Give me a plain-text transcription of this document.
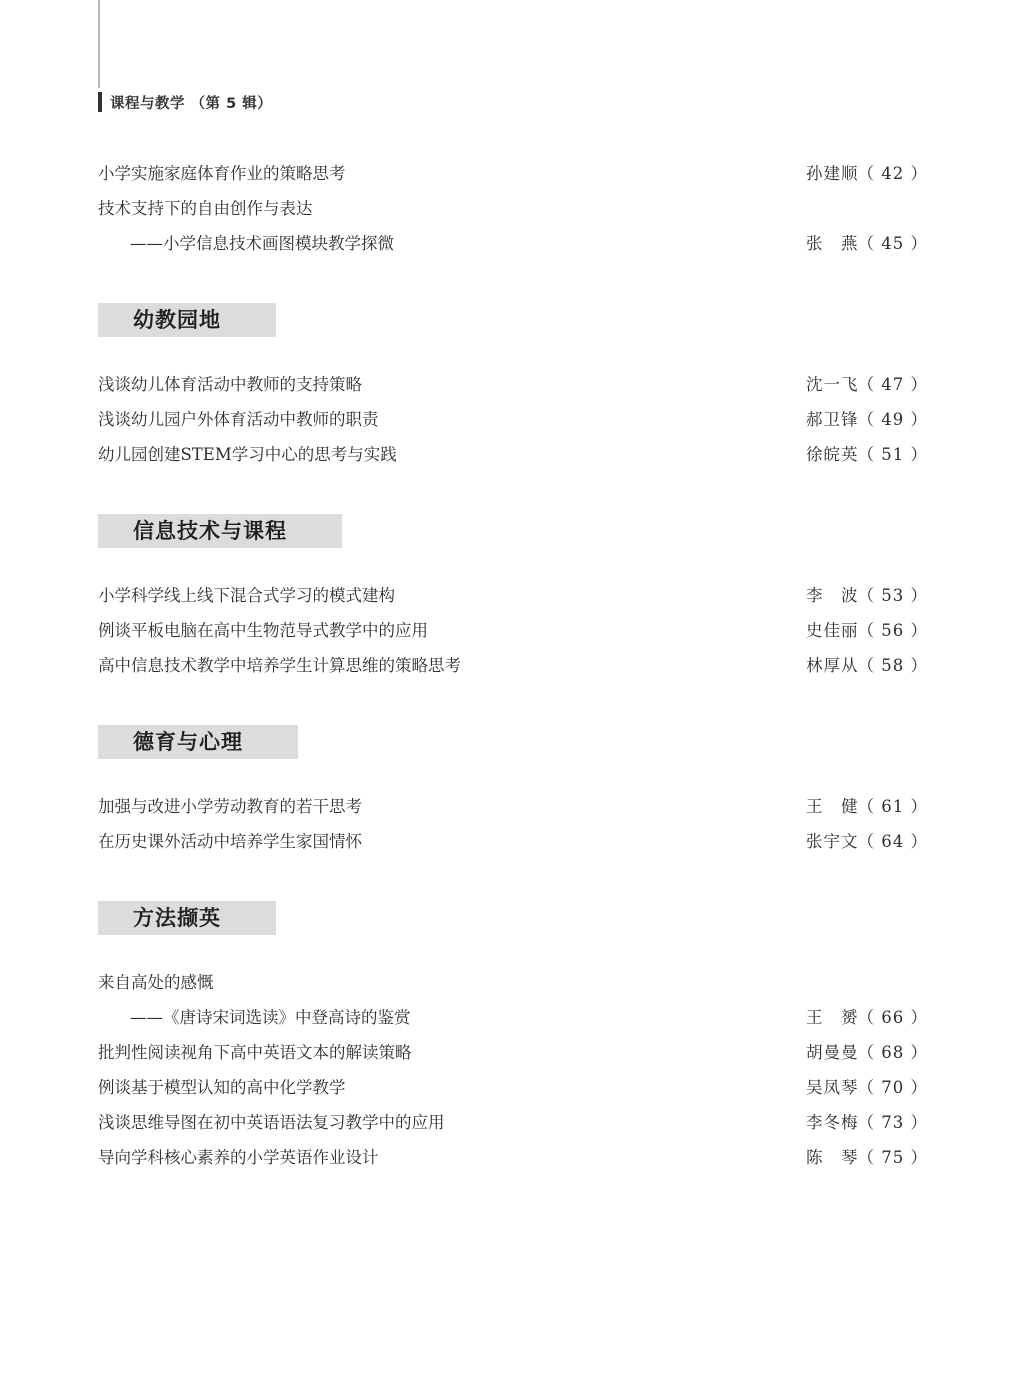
课程与教学 （第 5 辑）
小学实施家庭体育作业的策略思考	孙建顺 （ 42 ）
技术支持下的自由创作与表达
——小学信息技术画图模块教学探微	张　燕 （ 45 ）
幼教园地
浅谈幼儿体育活动中教师的支持策略	沈一飞 （ 47 ）
浅谈幼儿园户外体育活动中教师的职责	郝卫锋 （ 49 ）
幼儿园创建STEM学习中心的思考与实践	徐皖英 （ 51 ）
信息技术与课程
小学科学线上线下混合式学习的模式建构	李　波 （ 53 ）
例谈平板电脑在高中生物范导式教学中的应用	史佳丽 （ 56 ）
高中信息技术教学中培养学生计算思维的策略思考	林厚从 （ 58 ）
德育与心理
加强与改进小学劳动教育的若干思考	王　健 （ 61 ）
在历史课外活动中培养学生家国情怀	张宇文 （ 64 ）
方法撷英
来自高处的感慨
——《唐诗宋词选读》中登高诗的鉴赏	王　赟 （ 66 ）
批判性阅读视角下高中英语文本的解读策略	胡曼曼 （ 68 ）
例谈基于模型认知的高中化学教学	吴凤琴 （ 70 ）
浅谈思维导图在初中英语语法复习教学中的应用	李冬梅 （ 73 ）
导向学科核心素养的小学英语作业设计	陈　琴 （ 75 ）
